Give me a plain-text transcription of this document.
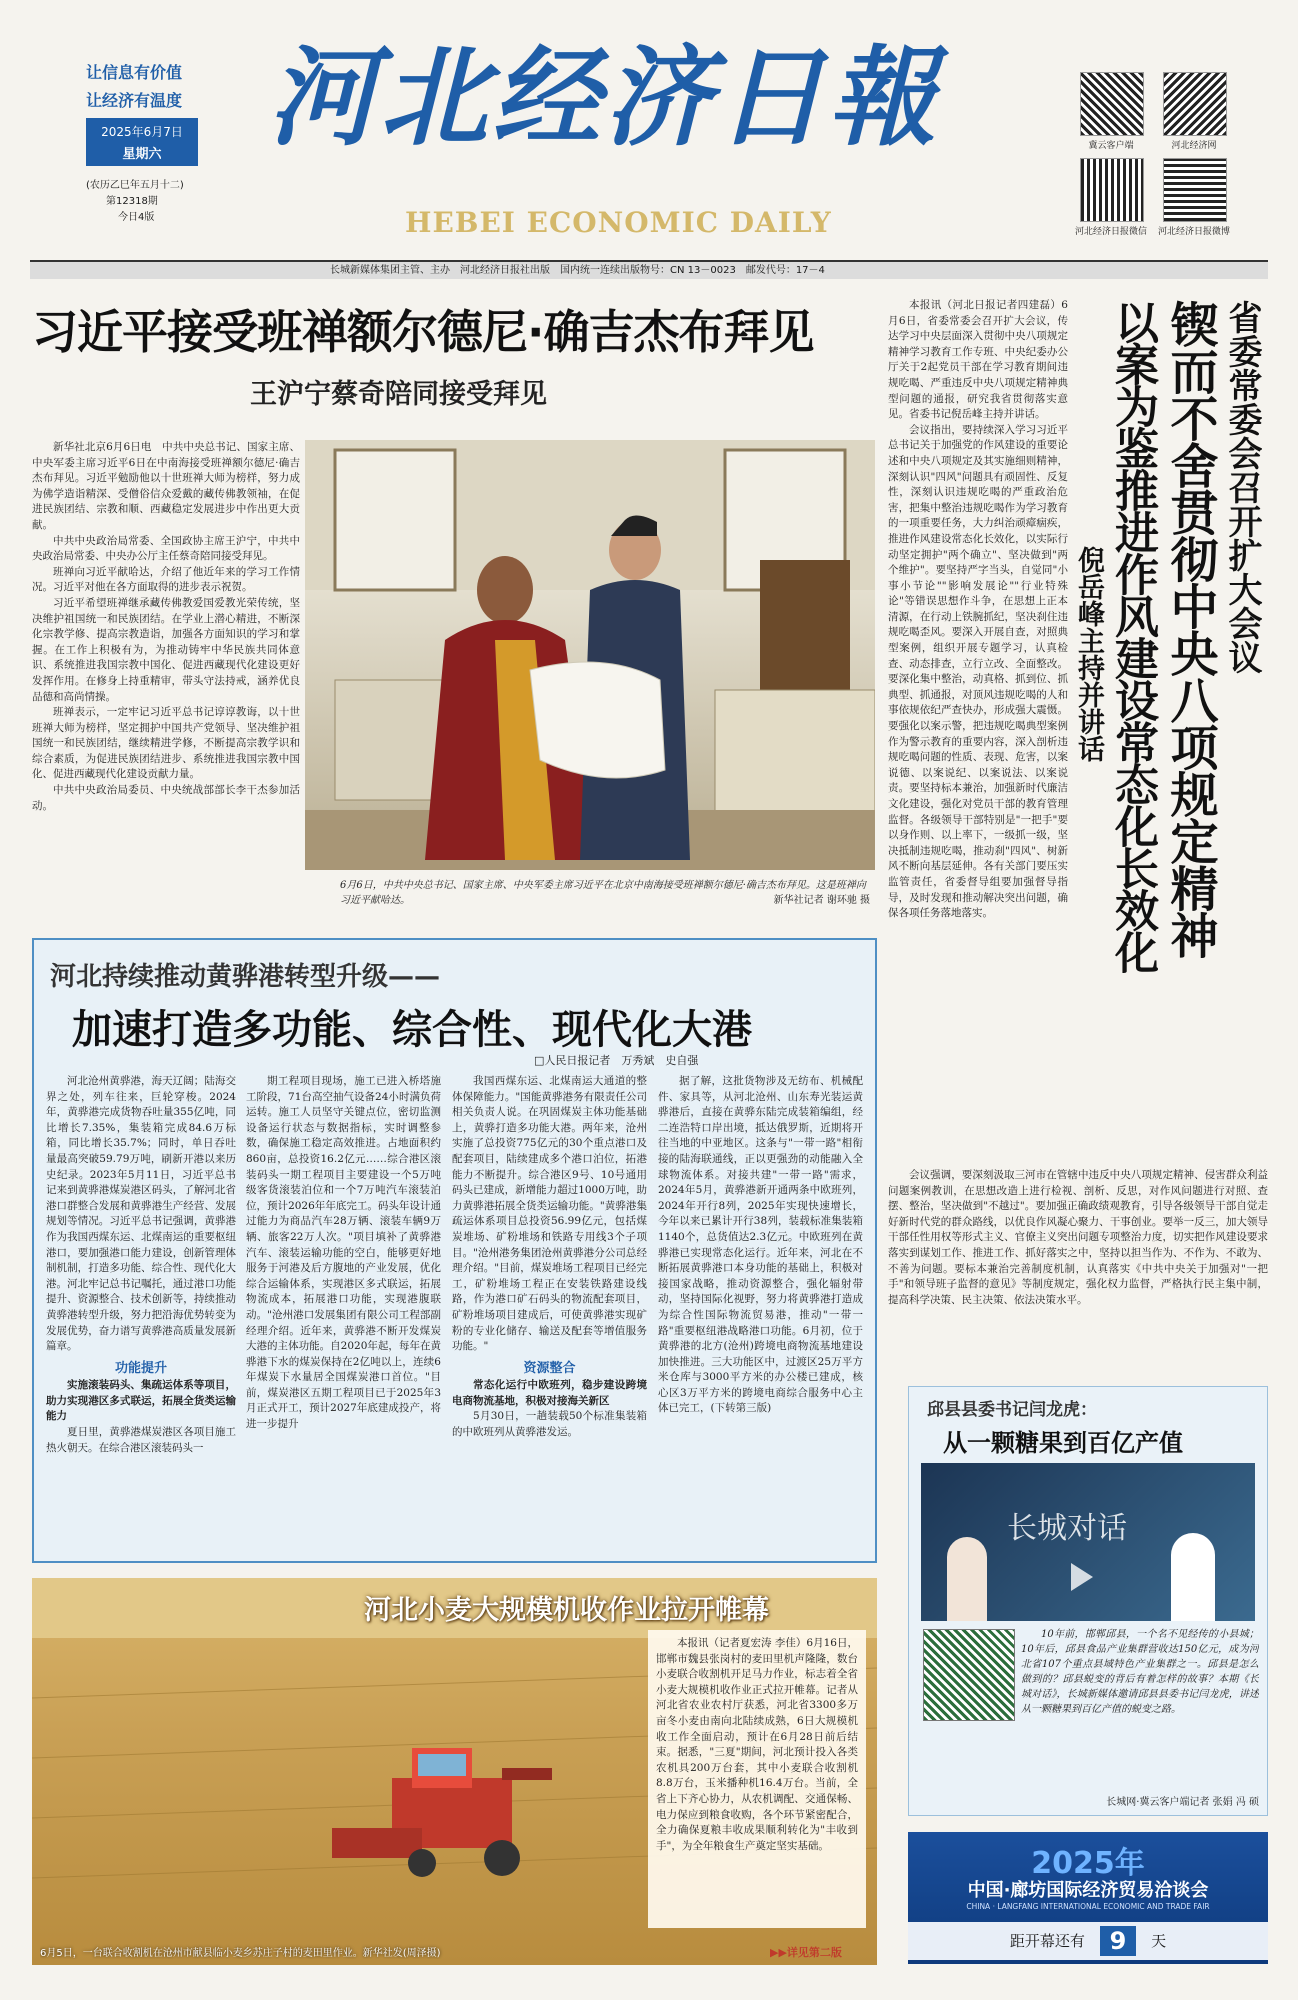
让信息有价值
让经济有温度
2025年6月7日
星期六
(农历乙巳年五月十二)
第12318期
今日4版
河北经济日報
HEBEI ECONOMIC DAILY
冀云客户端	河北经济网
河北经济日报微信	河北经济日报微博
长城新媒体集团主管、主办　河北经济日报社出版　国内统一连续出版物号：CN 13－0023　邮发代号：17－4
习近平接受班禅额尔德尼·确吉杰布拜见
王沪宁蔡奇陪同接受拜见

新华社北京6月6日电　中共中央总书记、国家主席、中央军委主席习近平6日在中南海接受班禅额尔德尼·确吉杰布拜见。习近平勉励他以十世班禅大师为榜样，努力成为佛学造诣精深、受僧俗信众爱戴的藏传佛教领袖，在促进民族团结、宗教和顺、西藏稳定发展进步中作出更大贡献。

中共中央政治局常委、全国政协主席王沪宁，中共中央政治局常委、中央办公厅主任蔡奇陪同接受拜见。

班禅向习近平献哈达，介绍了他近年来的学习工作情况。习近平对他在各方面取得的进步表示祝贺。

习近平希望班禅继承藏传佛教爱国爱教光荣传统，坚决维护祖国统一和民族团结。在学业上潜心精进，不断深化宗教学修、提高宗教造诣，加强各方面知识的学习和掌握。在工作上积极有为，为推动铸牢中华民族共同体意识、系统推进我国宗教中国化、促进西藏现代化建设更好发挥作用。在修身上持重精审，带头守法持戒，涵养优良品德和高尚情操。

班禅表示，一定牢记习近平总书记谆谆教诲，以十世班禅大师为榜样，坚定拥护中国共产党领导、坚决维护祖国统一和民族团结，继续精进学修，不断提高宗教学识和综合素质，为促进民族团结进步、系统推进我国宗教中国化、促进西藏现代化建设贡献力量。

中共中央政治局委员、中央统战部部长李干杰参加活动。

6月6日，中共中央总书记、国家主席、中央军委主席习近平在北京中南海接受班禅额尔德尼·确吉杰布拜见。这是班禅向习近平献哈达。	新华社记者 谢环驰 摄

本报讯（河北日报记者四建磊）6月6日，省委常委会召开扩大会议，传达学习中央层面深入贯彻中央八项规定精神学习教育工作专班、中央纪委办公厅关于2起党员干部在学习教育期间违规吃喝、严重违反中央八项规定精神典型问题的通报，研究我省贯彻落实意见。省委书记倪岳峰主持并讲话。

会议指出，要持续深入学习习近平总书记关于加强党的作风建设的重要论述和中央八项规定及其实施细则精神，深刻认识"四风"问题具有顽固性、反复性，深刻认识违规吃喝的严重政治危害，把集中整治违规吃喝作为学习教育的一项重要任务，大力纠治顽瘴痼疾，推进作风建设常态化长效化，以实际行动坚定拥护"两个确立"、坚决做到"两个维护"。要坚持严字当头，自觉同"小事小节论""影响发展论""行业特殊论"等错误思想作斗争，在思想上正本清源，在行动上铁腕抓纪，坚决刹住违规吃喝歪风。要深入开展自查，对照典型案例，组织开展专题学习，认真检查、动态排查，立行立改、全面整改。要深化集中整治，动真格、抓到位、抓典型、抓通报，对顶风违规吃喝的人和事依规依纪严查快办，形成强大震慑。要强化以案示警，把违规吃喝典型案例作为警示教育的重要内容，深入剖析违规吃喝问题的性质、表现、危害，以案说德、以案说纪、以案说法、以案说责。要坚持标本兼治，加强新时代廉洁文化建设，强化对党员干部的教育管理监督。各级领导干部特别是"一把手"要以身作则、以上率下，一级抓一级，坚决抵制违规吃喝，推动刹"四风"、树新风不断向基层延伸。各有关部门要压实监管责任，省委督导组要加强督导指导，及时发现和推动解决突出问题，确保各项任务落地落实。

省委常委会召开扩大会议
锲而不舍贯彻中央八项规定精神
以案为鉴推进作风建设常态化长效化
倪岳峰主持并讲话
会议强调，要深刻汲取三河市在管辖中违反中央八项规定精神、侵害群众利益问题案例教训，在思想改造上进行检视、剖析、反思，对作风问题进行对照、查摆、整治，坚决做到"不越过"。要加强正确政绩观教育，引导各级领导干部自觉走好新时代党的群众路线，以优良作风凝心聚力、干事创业。要举一反三，加大领导干部任性用权等形式主义、官僚主义突出问题专项整治力度，切实把作风建设要求落实到谋划工作、推进工作、抓好落实之中，坚持以担当作为、不作为、不敢为、不善为问题。要标本兼治完善制度机制，认真落实《中共中央关于加强对"一把手"和领导班子监督的意见》等制度规定，强化权力监督，严格执行民主集中制，提高科学决策、民主决策、依法决策水平。
河北持续推动黄骅港转型升级——
加速打造多功能、综合性、现代化大港
□人民日报记者　万秀斌　史自强

河北沧州黄骅港，海天辽阔；陆海交界之处，列车往来，巨轮穿梭。2024年，黄骅港完成货物吞吐量355亿吨，同比增长7.35%，集装箱完成84.6万标箱，同比增长35.7%；同时，单日吞吐量最高突破59.79万吨，刷新开港以来历史纪录。2023年5月11日，习近平总书记来到黄骅港煤炭港区码头，了解河北省港口群整合发展和黄骅港生产经营、发展规划等情况。习近平总书记强调，黄骅港作为我国西煤东运、北煤南运的重要枢纽港口，要加强港口能力建设，创新管理体制机制，打造多功能、综合性、现代化大港。河北牢记总书记嘱托，通过港口功能提升、资源整合、技术创新等，持续推动黄骅港转型升级，努力把沿海优势转变为发展优势，奋力谱写黄骅港高质量发展新篇章。

功能提升
实施滚装码头、集疏运体系等项目，助力实现港区多式联运，拓展全货类运输能力

夏日里，黄骅港煤炭港区各项目施工热火朝天。在综合港区滚装码头一

期工程项目现场，施工已进入桥塔施工阶段，71台高空抽气设备24小时满负荷运转。施工人员坚守关键点位，密切监测设备运行状态与数据指标，实时调整参数，确保施工稳定高效推进。占地面积约860亩，总投资16.2亿元……综合港区滚装码头一期工程项目主要建设一个5万吨级客货滚装泊位和一个7万吨汽车滚装泊位，预计2026年年底完工。码头年设计通过能力为商品汽车28万辆、滚装车辆9万辆、旅客22万人次。"项目填补了黄骅港汽车、滚装运输功能的空白，能够更好地服务于河港及后方腹地的产业发展，优化综合运输体系，实现港区多式联运，拓展物流成本，拓展港口功能，实现港腹联动。"沧州港口发展集团有限公司工程部副经理介绍。近年来，黄骅港不断开发煤炭大港的主体功能。自2020年起，每年在黄骅港下水的煤炭保持在2亿吨以上，连续6年煤炭下水量居全国煤炭港口首位。"目前，煤炭港区五期工程项目已于2025年3月正式开工，预计2027年底建成投产，将进一步提升

我国西煤东运、北煤南运大通道的整体保障能力。"国能黄骅港务有限责任公司相关负责人说。在巩固煤炭主体功能基础上，黄骅打造多功能大港。两年来，沧州实施了总投资775亿元的30个重点港口及配套项目，陆续建成多个港口泊位，拓港能力不断提升。综合港区9号、10号通用码头已建成，新增能力超过1000万吨，助力黄骅港拓展全货类运输功能。"黄骅港集疏运体系项目总投资56.99亿元，包括煤炭堆场、矿粉堆场和铁路专用线3个子项目。"沧州港务集团沧州黄骅港分公司总经理介绍。"目前，煤炭堆场工程项目已经完工，矿粉堆场工程正在安装铁路建设线路，作为港口矿石码头的物流配套项目，矿粉堆场项目建成后，可使黄骅港实现矿粉的专业化储存、输送及配套等增值服务功能。"

资源整合
常态化运行中欧班列，稳步建设跨境电商物流基地，积极对接海关新区

5月30日，一趟装载50个标准集装箱的中欧班列从黄骅港发运。

据了解，这批货物涉及无纺布、机械配件、家具等，从河北沧州、山东寿光装运黄骅港后，直接在黄骅东陆完成装箱编组，经二连浩特口岸出境，抵达俄罗斯，近期将开往当地的中亚地区。这条与"一带一路"相衔接的陆海联通线，正以更强劲的动能融入全球物流体系。对接共建"一带一路"需求，2024年5月，黄骅港新开通两条中欧班列，2024年开行8列，2025年实现快速增长，今年以来已累计开行38列，装载标准集装箱1140个，总货值达2.3亿元。中欧班列在黄骅港已实现常态化运行。近年来，河北在不断拓展黄骅港口本身功能的基础上，积极对接国家战略，推动资源整合，强化辐射带动，坚持国际化视野，努力将黄骅港打造成为综合性国际物流贸易港，推动"一带一路"重要枢纽港战略港口功能。6月初，位于黄骅港的北方(沧州)跨境电商物流基地建设加快推进。三大功能区中，过渡区25万平方米仓库与3000平方米的办公楼已建成，核心区3万平方米的跨境电商综合服务中心主体已完工，(下转第三版)
河北小麦大规模机收作业拉开帷幕
本报讯（记者夏宏涛 李佳）6月16日，邯郸市魏县张岗村的麦田里机声隆隆，数台小麦联合收割机开足马力作业，标志着全省小麦大规模机收作业正式拉开帷幕。记者从河北省农业农村厅获悉，河北省3300多万亩冬小麦由南向北陆续成熟，6日大规模机收工作全面启动，预计在6月28日前后结束。据悉，"三夏"期间，河北预计投入各类农机具200万台套，其中小麦联合收割机8.8万台，玉米播种机16.4万台。当前，全省上下齐心协力，从农机调配、交通保畅、电力保应到粮食收购，各个环节紧密配合，全力确保夏粮丰收成果顺利转化为"丰收到手"，为全年粮食生产奠定坚实基础。
6月5日，一台联合收割机在沧州市献县临小麦乡苏庄子村的麦田里作业。新华社发(周泽摄)	▶▶详见第二版
邱县县委书记闫龙虎：
从一颗糖果到百亿产值
长城对话
10年前，邯郸邱县，一个名不见经传的小县城；10年后，邱县食品产业集群营收达150亿元，成为河北省107个重点县域特色产业集群之一。邱县是怎么做到的？邱县蜕变的背后有着怎样的故事？本期《长城对话》，长城新媒体邀请邱县县委书记闫龙虎，讲述从一颗糖果到百亿产值的蜕变之路。
长城网·冀云客户端记者 张娟 冯 硕
2025年
中国·廊坊国际经济贸易洽谈会
CHINA · LANGFANG INTERNATIONAL ECONOMIC AND TRADE FAIR
距开幕还有 9 天
